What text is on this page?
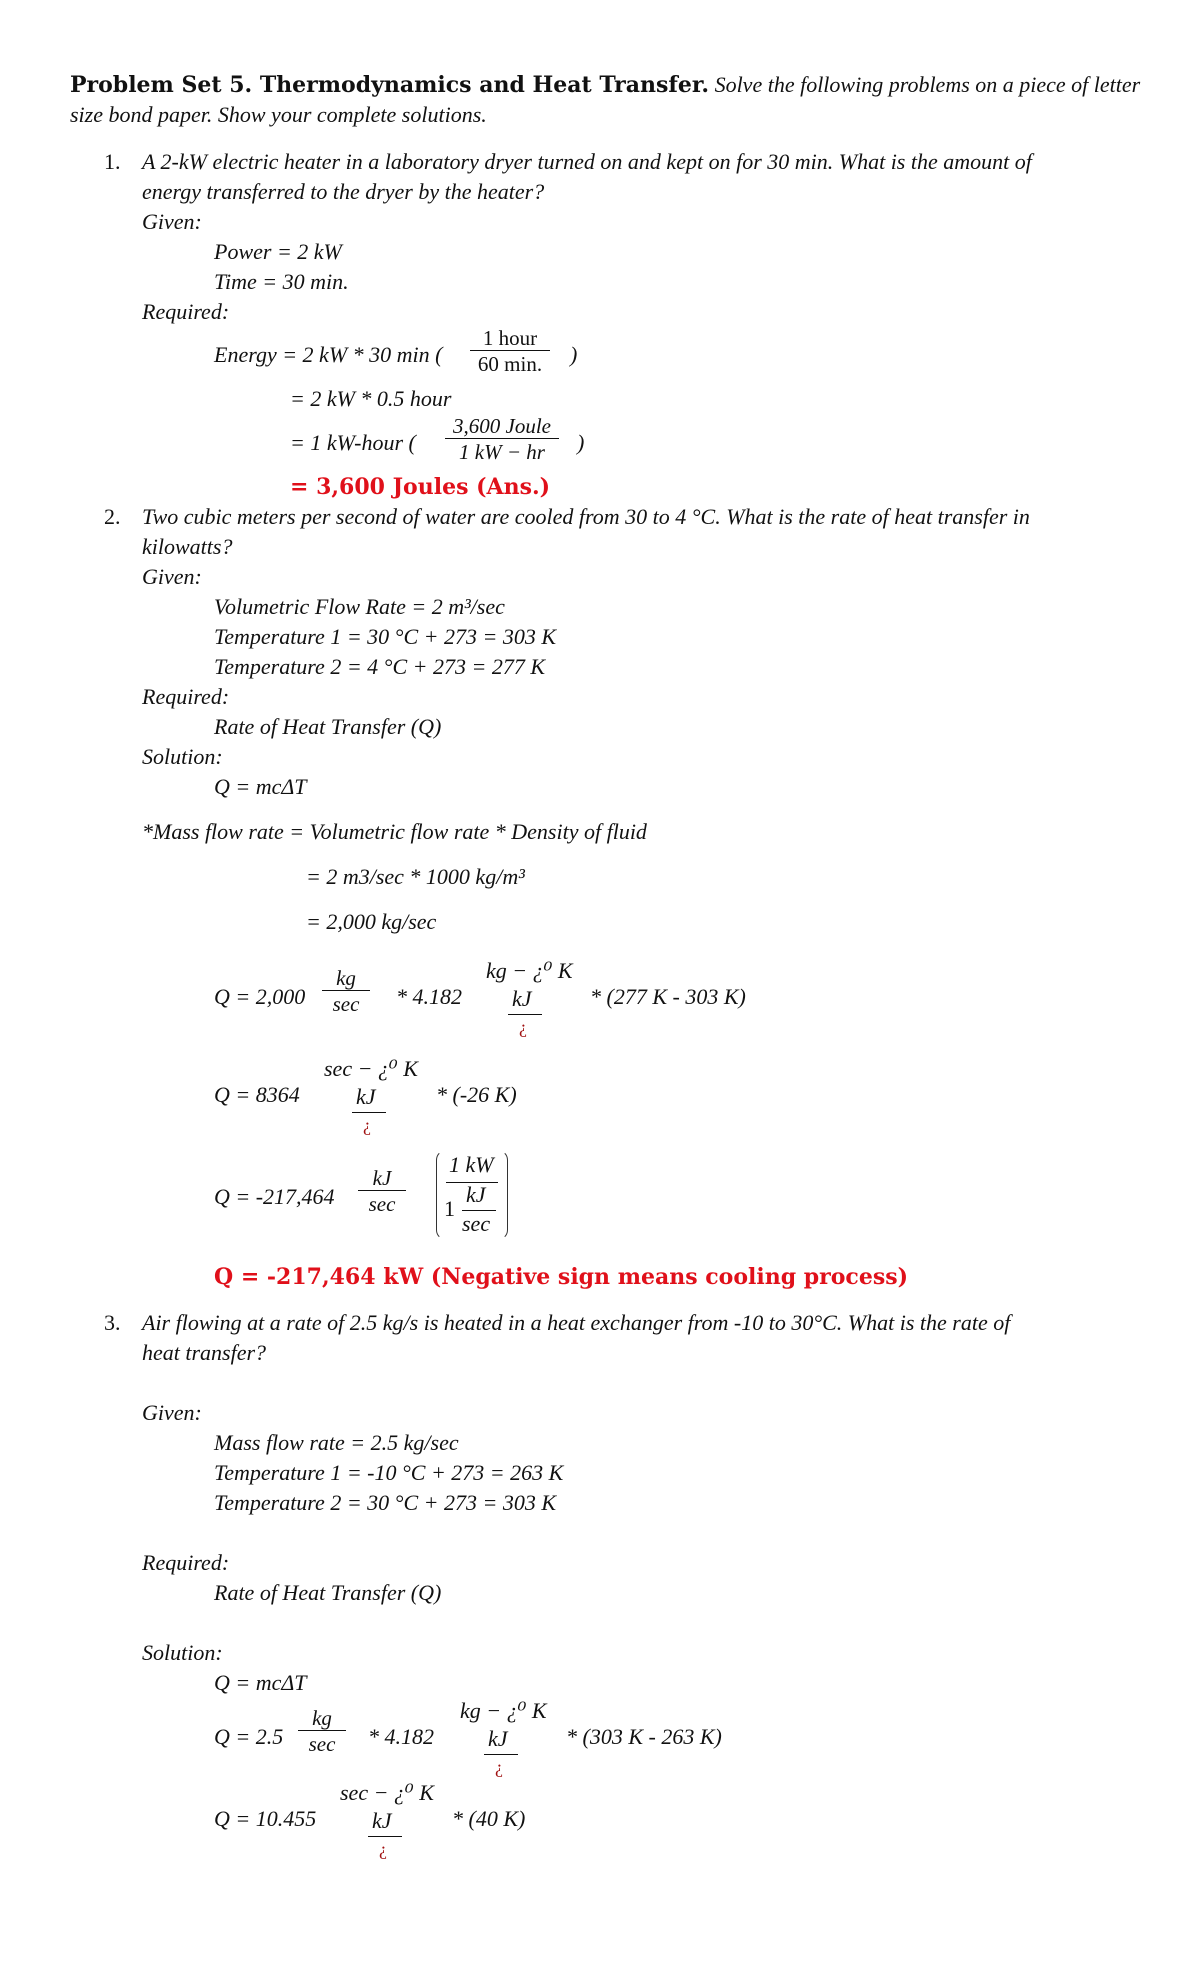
Problem Set 5. Thermodynamics and Heat Transfer. Solve the following problems on a piece of letter
size bond paper. Show your complete solutions.
1. A 2-kW electric heater in a laboratory dryer turned on and kept on for 30 min. What is the amount of
energy transferred to the dryer by the heater?
Given:
Power = 2 kW
Time = 30 min.
Required:
Energy = 2 kW * 30 min (
1 hour
60 min.	)
= 2 kW * 0.5 hour
= 1 kW-hour (
3,600 Joule
1 kW − hr	)
= 3,600 Joules (Ans.)
2. Two cubic meters per second of water are cooled from 30 to 4 °C. What is the rate of heat transfer in
kilowatts?
Given:
Volumetric Flow Rate = 2 m³/sec
Temperature 1 = 30 °C + 273 = 303 K
Temperature 2 = 4 °C + 273 = 277 K
Required:
Rate of Heat Transfer (Q)
Solution:
Q = mcΔT
*Mass flow rate = Volumetric flow rate * Density of fluid
= 2 m3/sec * 1000 kg/m³
= 2,000 kg/sec
Q = 2,000
kg
sec	* 4.182
kg − ¿⁰ K
kJ
¿
* (277 K - 303 K)
Q = 8364
sec − ¿⁰ K
kJ
¿
* (-26 K)
Q = -217,464
kJ
sec
1 kW
1
kJ
sec
Q = -217,464 kW (Negative sign means cooling process)
3. Air flowing at a rate of 2.5 kg/s is heated in a heat exchanger from -10 to 30°C. What is the rate of
heat transfer?
Given:
Mass flow rate = 2.5 kg/sec
Temperature 1 = -10 °C + 273 = 263 K
Temperature 2 = 30 °C + 273 = 303 K
Required:
Rate of Heat Transfer (Q)
Solution:
Q = mcΔT
Q = 2.5
kg
sec	* 4.182
kg − ¿⁰ K
kJ
¿
* (303 K - 263 K)
Q = 10.455
sec − ¿⁰ K
kJ
¿
* (40 K)
